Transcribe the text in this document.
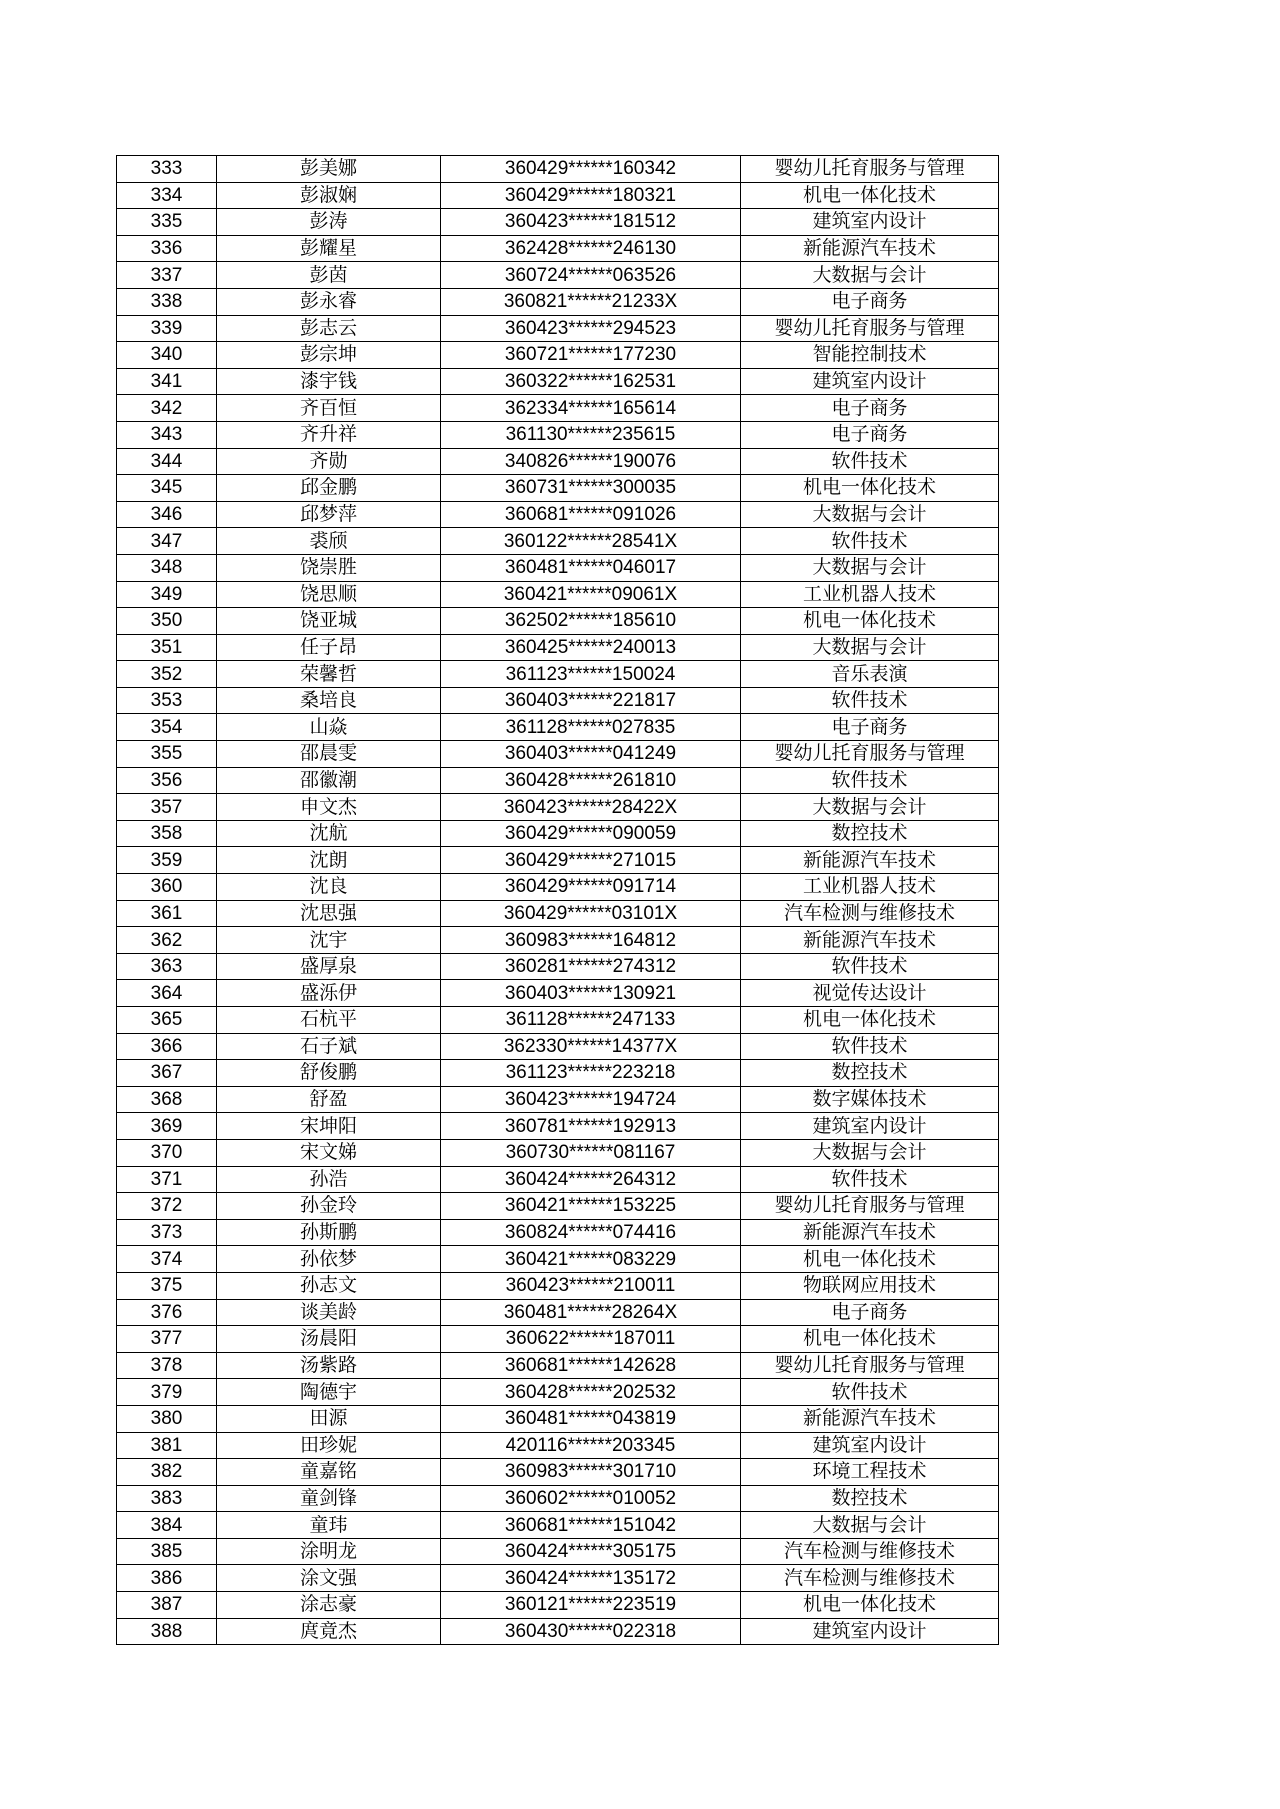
333	彭美娜	360429******160342	婴幼儿托育服务与管理
334	彭淑娴	360429******180321	机电一体化技术
335	彭涛	360423******181512	建筑室内设计
336	彭耀星	362428******246130	新能源汽车技术
337	彭茵	360724******063526	大数据与会计
338	彭永睿	360821******21233X	电子商务
339	彭志云	360423******294523	婴幼儿托育服务与管理
340	彭宗坤	360721******177230	智能控制技术
341	漆宇钱	360322******162531	建筑室内设计
342	齐百恒	362334******165614	电子商务
343	齐升祥	361130******235615	电子商务
344	齐勋	340826******190076	软件技术
345	邱金鹏	360731******300035	机电一体化技术
346	邱梦萍	360681******091026	大数据与会计
347	裘颀	360122******28541X	软件技术
348	饶崇胜	360481******046017	大数据与会计
349	饶思顺	360421******09061X	工业机器人技术
350	饶亚城	362502******185610	机电一体化技术
351	任子昂	360425******240013	大数据与会计
352	荣馨哲	361123******150024	音乐表演
353	桑培良	360403******221817	软件技术
354	山焱	361128******027835	电子商务
355	邵晨雯	360403******041249	婴幼儿托育服务与管理
356	邵徽潮	360428******261810	软件技术
357	申文杰	360423******28422X	大数据与会计
358	沈航	360429******090059	数控技术
359	沈朗	360429******271015	新能源汽车技术
360	沈良	360429******091714	工业机器人技术
361	沈思强	360429******03101X	汽车检测与维修技术
362	沈宇	360983******164812	新能源汽车技术
363	盛厚泉	360281******274312	软件技术
364	盛泺伊	360403******130921	视觉传达设计
365	石杭平	361128******247133	机电一体化技术
366	石子斌	362330******14377X	软件技术
367	舒俊鹏	361123******223218	数控技术
368	舒盈	360423******194724	数字媒体技术
369	宋坤阳	360781******192913	建筑室内设计
370	宋文娣	360730******081167	大数据与会计
371	孙浩	360424******264312	软件技术
372	孙金玲	360421******153225	婴幼儿托育服务与管理
373	孙斯鹏	360824******074416	新能源汽车技术
374	孙依梦	360421******083229	机电一体化技术
375	孙志文	360423******210011	物联网应用技术
376	谈美龄	360481******28264X	电子商务
377	汤晨阳	360622******187011	机电一体化技术
378	汤紫路	360681******142628	婴幼儿托育服务与管理
379	陶德宇	360428******202532	软件技术
380	田源	360481******043819	新能源汽车技术
381	田珍妮	420116******203345	建筑室内设计
382	童嘉铭	360983******301710	环境工程技术
383	童剑锋	360602******010052	数控技术
384	童玮	360681******151042	大数据与会计
385	涂明龙	360424******305175	汽车检测与维修技术
386	涂文强	360424******135172	汽车检测与维修技术
387	涂志豪	360121******223519	机电一体化技术
388	庹竟杰	360430******022318	建筑室内设计
